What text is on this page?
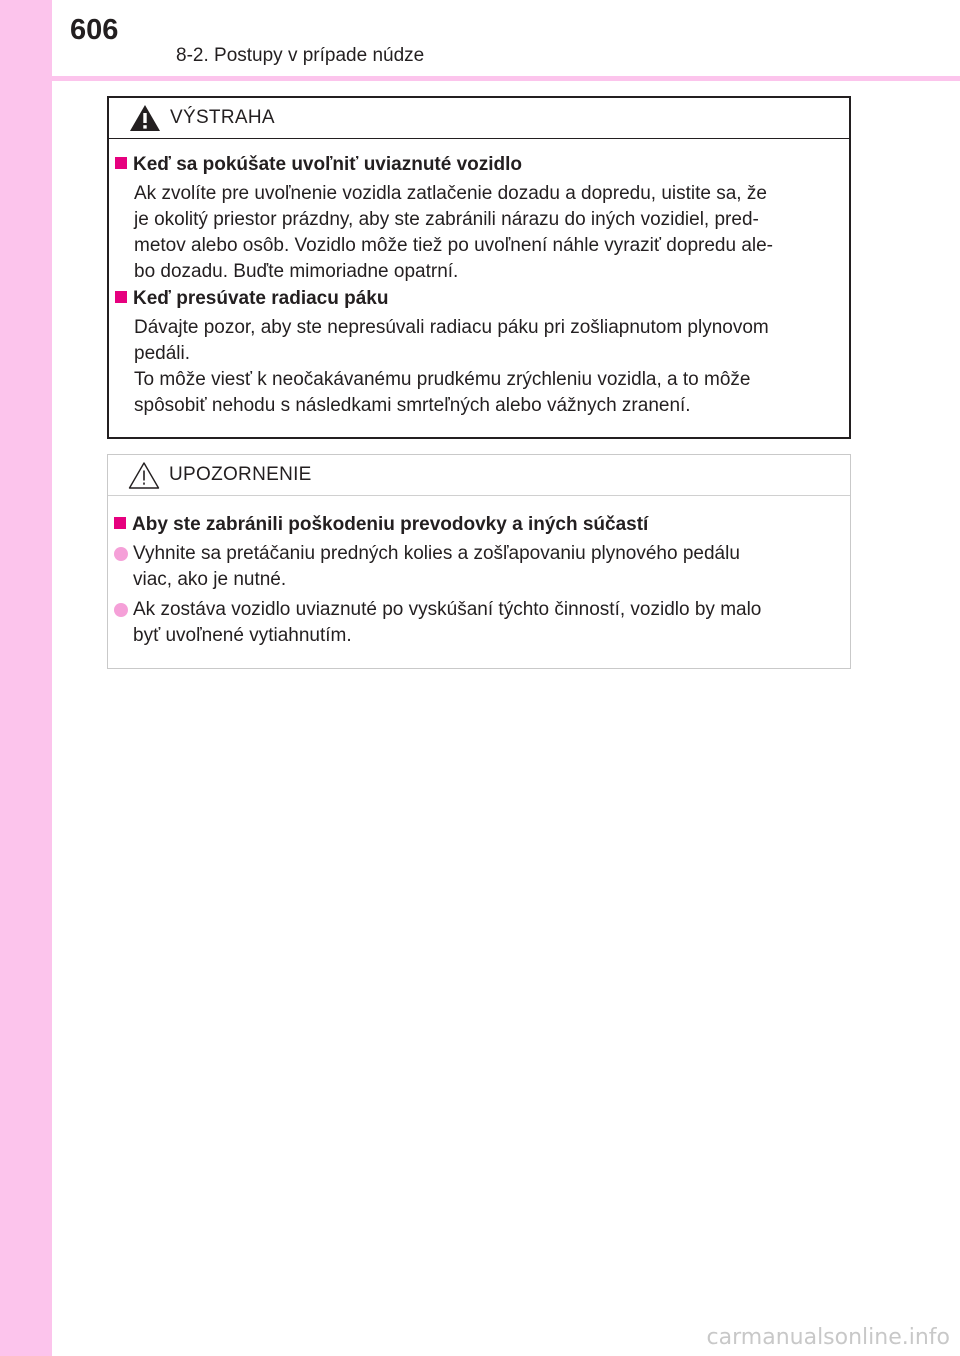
606
8-2. Postupy v prípade núdze
VÝSTRAHA
Keď sa pokúšate uvoľniť uviaznuté vozidlo
Ak zvolíte pre uvoľnenie vozidla zatlačenie dozadu a dopredu, uistite sa, že
je okolitý priestor prázdny, aby ste zabránili nárazu do iných vozidiel, pred-
metov alebo osôb. Vozidlo môže tiež po uvoľnení náhle vyraziť dopredu ale-
bo dozadu. Buďte mimoriadne opatrní.
Keď presúvate radiacu páku
Dávajte pozor, aby ste nepresúvali radiacu páku pri zošliapnutom plynovom
pedáli.
To môže viesť k neočakávanému prudkému zrýchleniu vozidla, a to môže
spôsobiť nehodu s následkami smrteľných alebo vážnych zranení.
UPOZORNENIE
Aby ste zabránili poškodeniu prevodovky a iných súčastí
Vyhnite sa pretáčaniu predných kolies a zošľapovaniu plynového pedálu
viac, ako je nutné.
Ak zostáva vozidlo uviaznuté po vyskúšaní týchto činností, vozidlo by malo
byť uvoľnené vytiahnutím.
carmanualsonline.info
